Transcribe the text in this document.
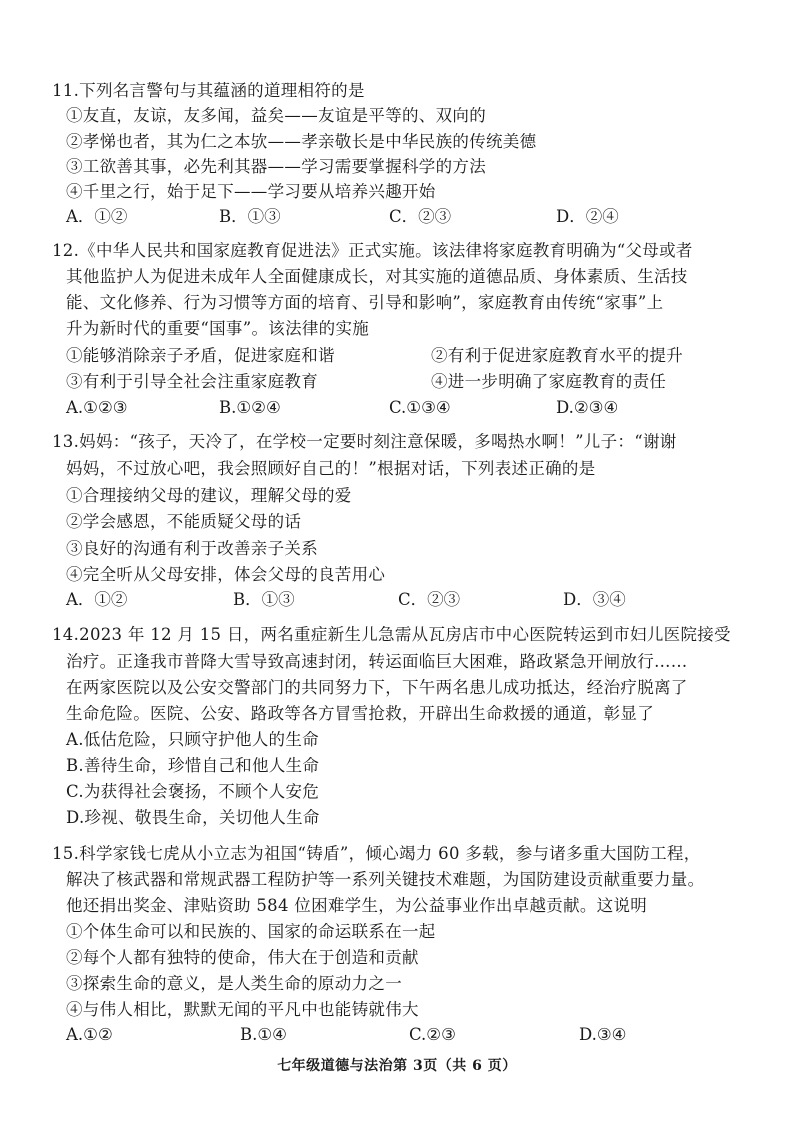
11.下列名言警句与其蕴涵的道理相符的是
①友直，友谅，友多闻，益矣——友谊是平等的、双向的
②孝悌也者，其为仁之本欤——孝亲敬长是中华民族的传统美德
③工欲善其事，必先利其器——学习需要掌握科学的方法
④千里之行，始于足下——学习要从培养兴趣开始
A．①②	B．①③	C．②③	D．②④
12.《中华人民共和国家庭教育促进法》正式实施。该法律将家庭教育明确为“父母或者
其他监护人为促进未成年人全面健康成长，对其实施的道德品质、身体素质、生活技
能、文化修养、行为习惯等方面的培育、引导和影响”，家庭教育由传统“家事”上
升为新时代的重要“国事”。该法律的实施
①能够消除亲子矛盾，促进家庭和谐	②有利于促进家庭教育水平的提升
③有利于引导全社会注重家庭教育	④进一步明确了家庭教育的责任
A.①②③	B.①②④	C.①③④	D.②③④
13.妈妈：“孩子，天冷了，在学校一定要时刻注意保暖，多喝热水啊！”儿子：“谢谢
妈妈，不过放心吧，我会照顾好自己的！”根据对话，下列表述正确的是
①合理接纳父母的建议，理解父母的爱
②学会感恩，不能质疑父母的话
③良好的沟通有利于改善亲子关系
④完全听从父母安排，体会父母的良苦用心
A．①②	B．①③	C．②③	D．③④
14.2023 年 12 月 15 日，两名重症新生儿急需从瓦房店市中心医院转运到市妇儿医院接受
治疗。正逢我市普降大雪导致高速封闭，转运面临巨大困难，路政紧急开闸放行……
在两家医院以及公安交警部门的共同努力下，下午两名患儿成功抵达，经治疗脱离了
生命危险。医院、公安、路政等各方冒雪抢救，开辟出生命救援的通道，彰显了
A.低估危险，只顾守护他人的生命
B.善待生命，珍惜自己和他人生命
C.为获得社会褒扬，不顾个人安危
D.珍视、敬畏生命，关切他人生命
15.科学家钱七虎从小立志为祖国“铸盾”，倾心竭力 60 多载，参与诸多重大国防工程，
解决了核武器和常规武器工程防护等一系列关键技术难题，为国防建设贡献重要力量。
他还捐出奖金、津贴资助 584 位困难学生，为公益事业作出卓越贡献。这说明
①个体生命可以和民族的、国家的命运联系在一起
②每个人都有独特的使命，伟大在于创造和贡献
③探索生命的意义，是人类生命的原动力之一
④与伟人相比，默默无闻的平凡中也能铸就伟大
A.①②	B.①④	C.②③	D.③④
七年级道德与法治第 3页（共 6 页）
